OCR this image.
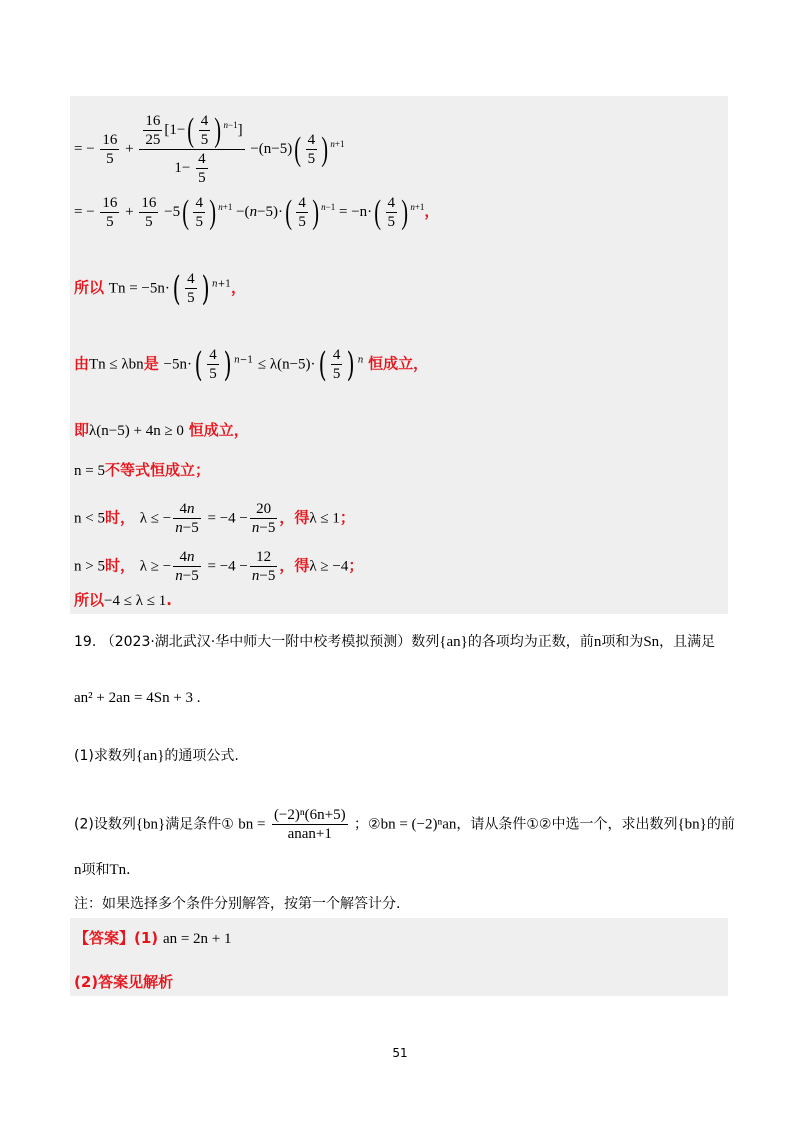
= − $\frac{16}{5} + \frac{\frac{16}{25} [1-( \frac{4}{5} ) ^{n-1}]}{1- \frac{4}{5}} -(n-5)( \frac{4}{5}$ ) $^{n+1}$
= − $\frac{16}{5} + \frac{16}{5} -5( \frac{4}{5}$ ) $^{n+1} -(n-5)\cdot( \frac{4}{5}$ ) $^{n-1} = -n\cdot( \frac{4}{5}$ ) $^{n+1}$，
所以 $Tn = -5n\cdot( \frac{4}{5}$ ) $^{n+1}$，
由Tn ≤ λbn是 $-5n\cdot( \frac{4}{5}$ ) $^{n-1} \le \lambda(n-5)\cdot( \frac{4}{5}$ ) $^n$ 恒成立，
即λ(n−5) + 4n ≥ 0 恒成立，
n = 5不等式恒成立；
n < 5时， λ ≤ − $\frac{4n}{n-5} = -4 - \frac{20}{n-5}$ ，得λ ≤ 1；
n > 5时， λ ≥ − $\frac{4n}{n-5} = -4 - \frac{12}{n-5}$ ，得λ ≥ −4；
所以−4 ≤ λ ≤ 1.
19. （2023·湖北武汉·华中师大一附中校考模拟预测）数列{an}的各项均为正数，前n项和为Sn，且满足
an² + 2an = 4Sn + 3 .
(1)求数列{an}的通项公式.
(2)设数列{bn}满足条件① bn = $\frac{\text{(−2)ⁿ(6n+5)}}{\text{anan+1}}$ ；②bn = (−2)ⁿan，请从条件①②中选一个，求出数列{bn}的前
n项和Tn．
注：如果选择多个条件分别解答，按第一个解答计分.
【答案】(1) an = 2n + 1
(2)答案见解析
51
